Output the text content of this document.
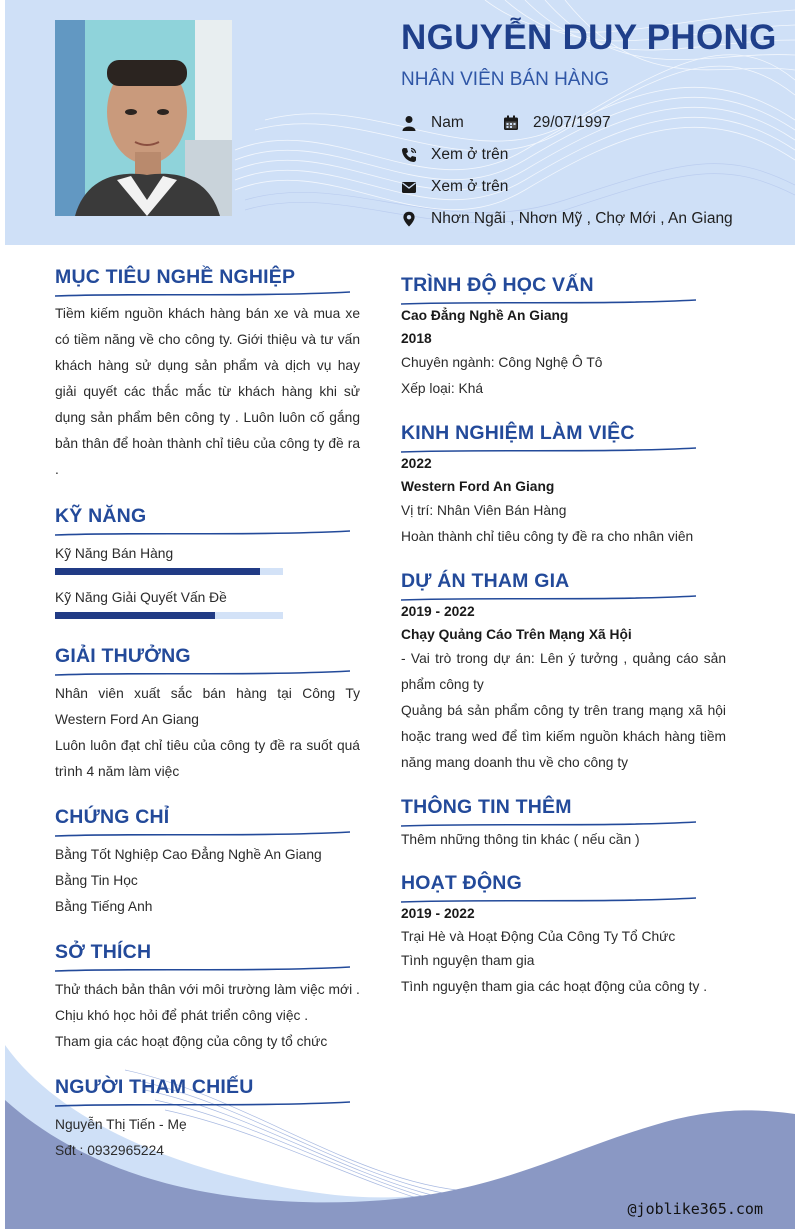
NGUYỄN DUY PHONG
NHÂN VIÊN BÁN HÀNG
Nam	29/07/1997
Xem ở trên
Xem ở trên
Nhơn Ngãi , Nhơn Mỹ , Chợ Mới , An Giang
MỤC TIÊU NGHỀ NGHIỆP
Tiềm kiếm nguồn khách hàng bán xe và mua xe
có tiềm năng về cho công ty. Giới thiệu và tư vấn
khách hàng sử dụng sản phẩm và dịch vụ hay
giải quyết các thắc mắc từ khách hàng khi sử
dụng sản phẩm bên công ty . Luôn luôn cố gắng
bản thân để hoàn thành chỉ tiêu của công ty đề ra
.
KỸ NĂNG
Kỹ Năng Bán Hàng
Kỹ Năng Giải Quyết Vấn Đề
GIẢI THƯỞNG
Nhân viên xuất sắc bán hàng tại Công Ty
Western Ford An Giang
Luôn luôn đạt chỉ tiêu của công ty đề ra suốt quá
trình 4 năm làm việc
CHỨNG CHỈ
Bằng Tốt Nghiệp Cao Đẳng Nghề An Giang
Bằng Tin Học
Bằng Tiếng Anh
SỞ THÍCH
Thử thách bản thân với môi trường làm việc mới .
Chịu khó học hỏi để phát triển công việc .
Tham gia các hoạt động của công ty tổ chức
NGƯỜI THAM CHIẾU
Nguyễn Thị Tiến - Mẹ
Sđt : 0932965224
TRÌNH ĐỘ HỌC VẤN
Cao Đẳng Nghề An Giang
2018
Chuyên ngành: Công Nghệ Ô Tô
Xếp loại: Khá
KINH NGHIỆM LÀM VIỆC
2022
Western Ford An Giang
Vị trí: Nhân Viên Bán Hàng
Hoàn thành chỉ tiêu công ty đề ra cho nhân viên
DỰ ÁN THAM GIA
2019 - 2022
Chạy Quảng Cáo Trên Mạng Xã Hội
- Vai trò trong dự án: Lên ý tưởng , quảng cáo sản
phẩm công ty
Quảng bá sản phẩm công ty trên trang mạng xã hội
hoặc trang wed để tìm kiếm nguồn khách hàng tiềm
năng mang doanh thu về cho công ty
THÔNG TIN THÊM
Thêm những thông tin khác ( nếu cần )
HOẠT ĐỘNG
2019 - 2022
Trại Hè và Hoạt Động Của Công Ty Tổ Chức
Tình nguyện tham gia
Tình nguyện tham gia các hoạt động của công ty .
@joblike365.com
